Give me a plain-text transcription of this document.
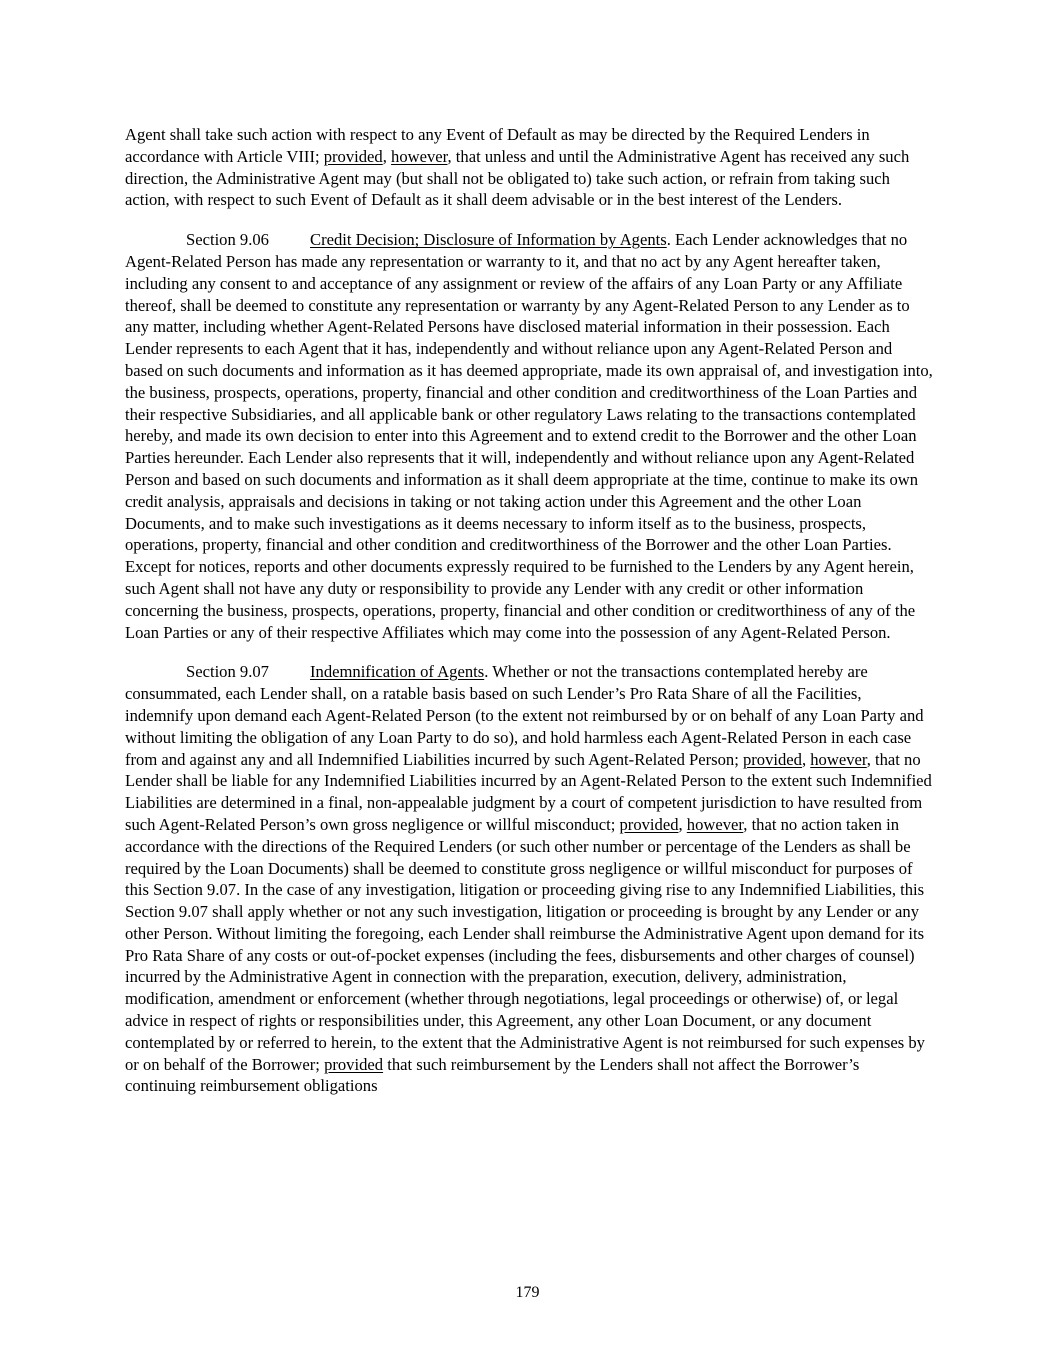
Agent shall take such action with respect to any Event of Default as may be directed by the Required Lenders in accordance with Article VIII; provided, however, that unless and until the Administrative Agent has received any such direction, the Administrative Agent may (but shall not be obligated to) take such action, or refrain from taking such action, with respect to such Event of Default as it shall deem advisable or in the best interest of the Lenders.

Section 9.06 Credit Decision; Disclosure of Information by Agents. Each Lender acknowledges that no Agent-Related Person has made any representation or warranty to it, and that no act by any Agent hereafter taken, including any consent to and acceptance of any assignment or review of the affairs of any Loan Party or any Affiliate thereof, shall be deemed to constitute any representation or warranty by any Agent-Related Person to any Lender as to any matter, including whether Agent-Related Persons have disclosed material information in their possession. Each Lender represents to each Agent that it has, independently and without reliance upon any Agent-Related Person and based on such documents and information as it has deemed appropriate, made its own appraisal of, and investigation into, the business, prospects, operations, property, financial and other condition and creditworthiness of the Loan Parties and their respective Subsidiaries, and all applicable bank or other regulatory Laws relating to the transactions contemplated hereby, and made its own decision to enter into this Agreement and to extend credit to the Borrower and the other Loan Parties hereunder. Each Lender also represents that it will, independently and without reliance upon any Agent-Related Person and based on such documents and information as it shall deem appropriate at the time, continue to make its own credit analysis, appraisals and decisions in taking or not taking action under this Agreement and the other Loan Documents, and to make such investigations as it deems necessary to inform itself as to the business, prospects, operations, property, financial and other condition and creditworthiness of the Borrower and the other Loan Parties. Except for notices, reports and other documents expressly required to be furnished to the Lenders by any Agent herein, such Agent shall not have any duty or responsibility to provide any Lender with any credit or other information concerning the business, prospects, operations, property, financial and other condition or creditworthiness of any of the Loan Parties or any of their respective Affiliates which may come into the possession of any Agent-Related Person.

Section 9.07 Indemnification of Agents. Whether or not the transactions contemplated hereby are consummated, each Lender shall, on a ratable basis based on such Lender’s Pro Rata Share of all the Facilities, indemnify upon demand each Agent-Related Person (to the extent not reimbursed by or on behalf of any Loan Party and without limiting the obligation of any Loan Party to do so), and hold harmless each Agent-Related Person in each case from and against any and all Indemnified Liabilities incurred by such Agent-Related Person; provided, however, that no Lender shall be liable for any Indemnified Liabilities incurred by an Agent-Related Person to the extent such Indemnified Liabilities are determined in a final, non-appealable judgment by a court of competent jurisdiction to have resulted from such Agent-Related Person’s own gross negligence or willful misconduct; provided, however, that no action taken in accordance with the directions of the Required Lenders (or such other number or percentage of the Lenders as shall be required by the Loan Documents) shall be deemed to constitute gross negligence or willful misconduct for purposes of this Section 9.07. In the case of any investigation, litigation or proceeding giving rise to any Indemnified Liabilities, this Section 9.07 shall apply whether or not any such investigation, litigation or proceeding is brought by any Lender or any other Person. Without limiting the foregoing, each Lender shall reimburse the Administrative Agent upon demand for its Pro Rata Share of any costs or out-of-pocket expenses (including the fees, disbursements and other charges of counsel) incurred by the Administrative Agent in connection with the preparation, execution, delivery, administration, modification, amendment or enforcement (whether through negotiations, legal proceedings or otherwise) of, or legal advice in respect of rights or responsibilities under, this Agreement, any other Loan Document, or any document contemplated by or referred to herein, to the extent that the Administrative Agent is not reimbursed for such expenses by or on behalf of the Borrower; provided that such reimbursement by the Lenders shall not affect the Borrower’s continuing reimbursement obligations

179
